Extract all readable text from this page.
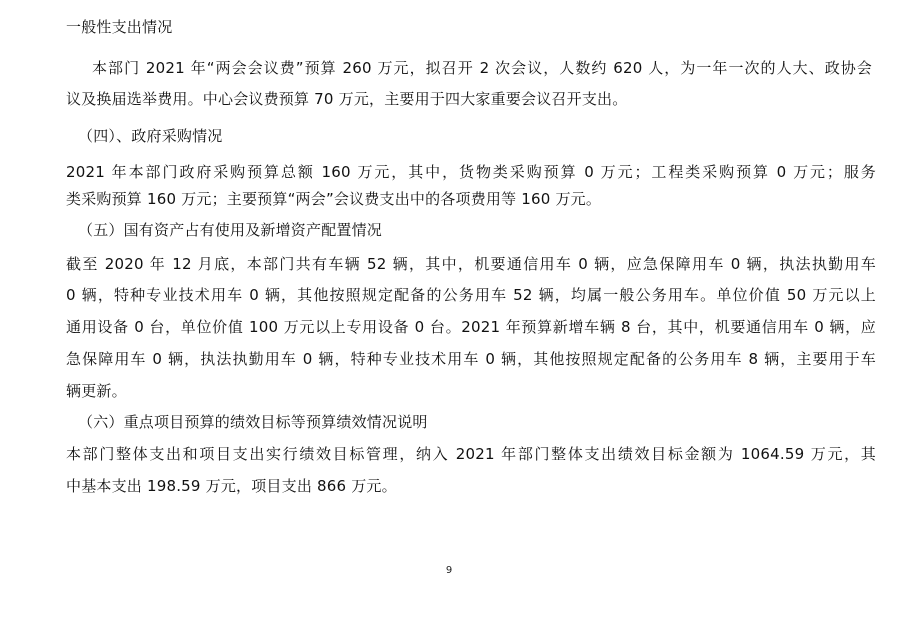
一般性支出情况
本部门 2021 年“两会会议费”预算 260 万元，拟召开 2 次会议，人数约 620 人，为一年一次的人大、政协会
议及换届选举费用。中心会议费预算 70 万元，主要用于四大家重要会议召开支出。
（四）、政府采购情况
2021 年本部门政府采购预算总额 160 万元，其中，货物类采购预算 0 万元；工程类采购预算 0 万元；服务
类采购预算 160 万元；主要预算“两会”会议费支出中的各项费用等 160 万元。
（五）国有资产占有使用及新增资产配置情况
截至 2020 年 12 月底，本部门共有车辆 52 辆，其中，机要通信用车 0 辆，应急保障用车 0 辆，执法执勤用车
0 辆，特种专业技术用车 0 辆，其他按照规定配备的公务用车 52 辆，均属一般公务用车。单位价值 50 万元以上
通用设备 0 台，单位价值 100 万元以上专用设备 0 台。2021 年预算新增车辆 8 台，其中，机要通信用车 0 辆，应
急保障用车 0 辆，执法执勤用车 0 辆，特种专业技术用车 0 辆，其他按照规定配备的公务用车 8 辆，主要用于车
辆更新。
（六）重点项目预算的绩效目标等预算绩效情况说明
本部门整体支出和项目支出实行绩效目标管理，纳入 2021 年部门整体支出绩效目标金额为 1064.59 万元，其
中基本支出 198.59 万元，项目支出 866 万元。
9
